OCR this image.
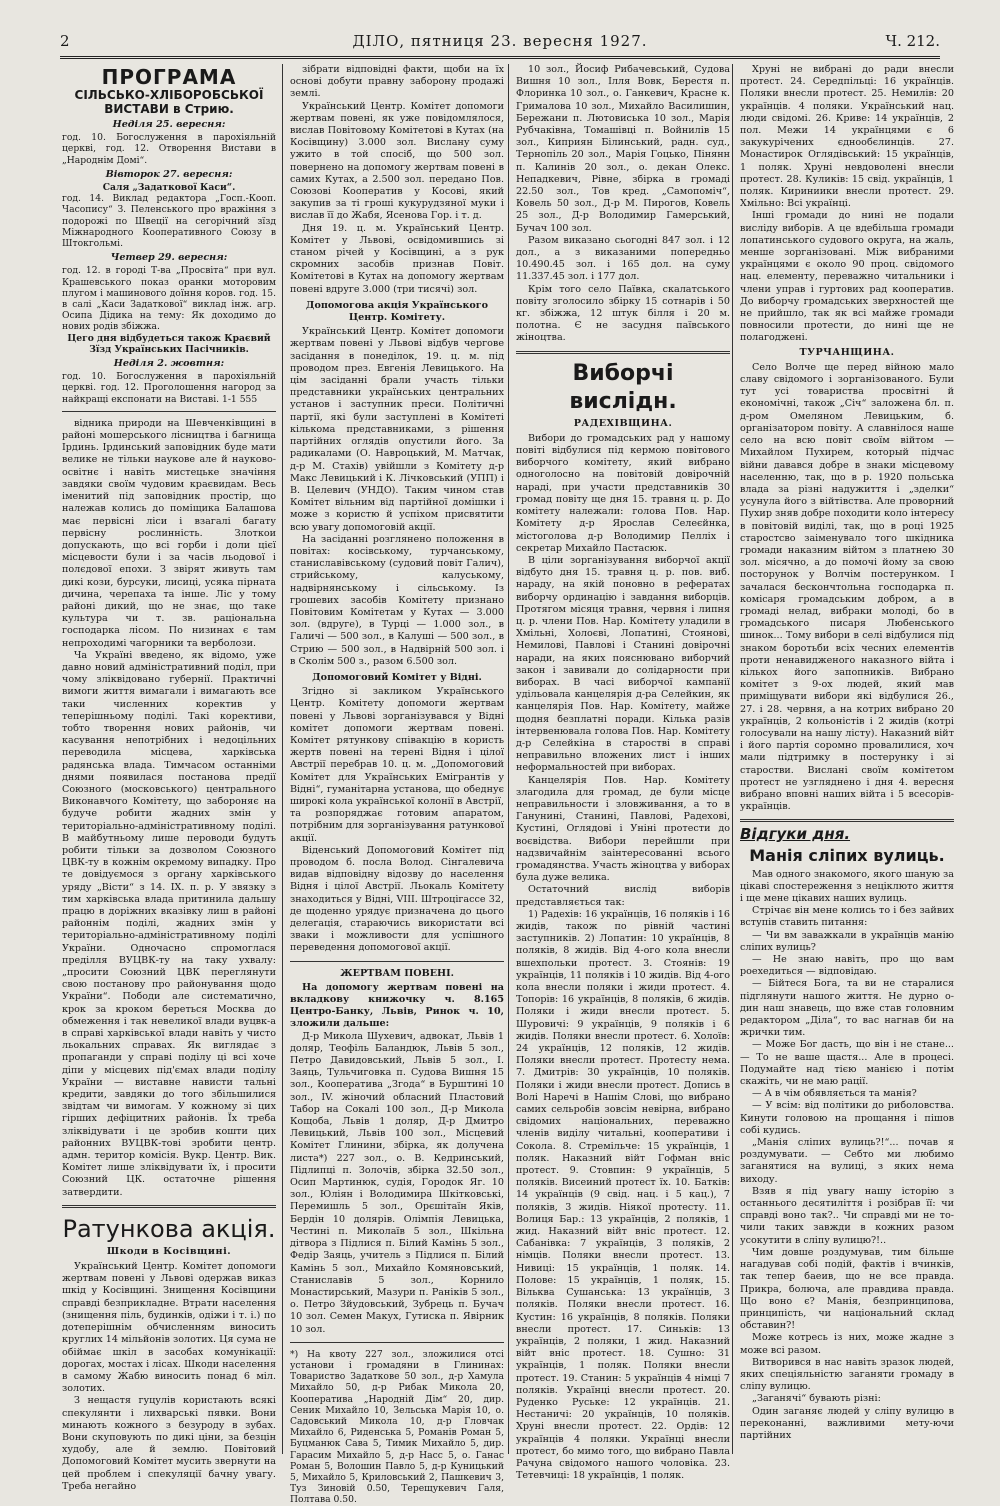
2	ДІЛО, пятниця 23. вересня 1927.	Ч. 212.
ПРОГРАМА
СІЛЬСЬКО-ХЛІБОРОБСЬКОЇ ВИСТАВИ в Стрию.
Неділя 25. вересня:

год. 10. Богослуження в парохіяльній церкві, год. 12. Отворення Вистави в „Народнім Домі“.

Вівторок 27. вересня:

Саля „Задаткової Каси“.

год. 14. Виклад редактора „Госп.-Кооп. Часопису“ З. Пеленського про вражіння з подорожі по Швеції на сегорічний зїзд Міжнародного Кооперативного Союзу в Штокгольмі.

Четвер 29. вересня:

год. 12. в городі Т-ва „Просвіта“ при вул. Крашевського показ оранки моторовим плугом і машинового доїння коров. год. 15. в салі „Каси Задаткової“ виклад інж. агр. Осипа Дідика на тему: Як доходимо до нових родів збіжжа.

Цего дня відбудеться також Краєвий Зїзд Українських Пасічників.

Неділя 2. жовтня:

год. 10. Богослуження в парохіяльній церкві. год. 12. Проголошення нагород за найкращі експонати на Виставі. 1-1 555

відника природи на Шевченківщині в районі мошерського лісництва і багнища Ірдинь. Ірдинський заповідник буде мати велике не тільки наукове але й науково-освітнє і навіть мистецьке значіння завдяки своїм чудовим краєвидам. Весь іменитий під заповідник простір, що належав колись до поміщика Балашова має первісні ліси і взагалі багату первісну рослинність. Злоткои допускають, що всі горби і доли цієї місцевости були і за часів льодової і полєдової епохи. З звірят живуть там дикі кози, бурсуки, лисиці, усяка пірната дичина, черепаха та інше. Ліс у тому районі дикий, що не знає, що таке культура чи т. зв. раціональна господарка лісом. По низинах є там непроходимі чагорники та верболози.

Ча Україні введено, як відомо, уже давно новий адміністративний поділ, при чому зліквідовано губернії. Практичні вимоги життя вимагали і вимагають все таки численних коректив у теперішньому поділі. Такі корективи, тобто творення нових районів, чи касування непотрібних і недоцільних переводила місцева, харківська радянська влада. Тимчасом останніми днями появилася постанова предії Союзного (московського) центрального Виконавчого Комітету, що забороняє на будуче робити жадних змін у територіально-адміністративному поділі. В майбутньому лише пероводи будуть робити тільки за дозволом Союзного ЦВК-ту в кожнім окремому випадку. Про те довідуємося з органу харківського уряду „Вісти“ з 14. IX. п. р. У звязку з тим харківська влада притинила дальшу працю в доріжних вказівку лиш в районі районнім поділі, жадних змін у територіально-адміністративному поділі України. Одночасно спромоглася преділля ВУЦВК-ту на таку ухвалу: „просити Союзний ЦВК переглянути свою постанову про районування щодо України“. Пободи але систематично, крок за кроком береться Москва до обмеження і так невеликої влади вуцвк-а в справі харківської влади навіть у чисто льокальних справах. Як виглядає з пропаганди у справі поділу ці всі хоче діпи у місцевих під'ємах влади поділу України — виставне нависти тальні кредити, завдяки до того збільшилися звідтам чи вимогам. У кожному зі цих гірших дефіцитних районів. Їх треба зліквідувати і це зробив кошти цих районних ВУЦВК-тові зробити центр. адмн. територ комісія. Вукр. Центр. Вик. Комітет лише зліквідувати їх, і просити Союзний ЦК. остаточне рішення затвердити.

Ратункова акція.
Шкоди в Косівщині.

Український Центр. Комітет допомоги жертвам повені у Львові одержав виказ шкід у Косівщині. Знищення Косівщини справді безприкладне. Втрати населення (знищення піль, будинків, одіжи і т. і.) по дотеперішнім обчисленням виносить круглих 14 мільйонів золотих. Ця сума не обіймає шкіл в засобах комунікації: дорогах, мостах і лісах. Шкоди населення в самому Жабю виносить понад 6 міл. золотих.

З нещастя гуцулів користають всякі спекулянти і лихварські пявки. Вони минають кожного з безуроду в зубах. Вони скуповують по дикі ціни, за безцін худобу, але й землю. Повітовий Допомоговий Комітет мусить звернути на цей проблем і спекуляції бачну увагу. Треба негайно

зібрати відповідні факти, щоби на їх основі добути правну заборону продажі землі.

Український Центр. Комітет допомоги жертвам повені, як уже повідомлялося, вислав Повітовому Комітетові в Кутах (на Косівщину) 3.000 зол. Вислану суму ужито в той спосіб, що 500 зол. повернено на допомогу жертвам повені в самих Кутах, а 2.500 зол. передано Пов. Союзові Кооператив у Косові, який закупив за ті гроші кукурудзяної муки і вислав її до Жабя, Ясенова Гор. і т. д.

Дня 19. ц. м. Український Центр. Комітет у Львові, освідомившись зі станом річей у Косівщині, а з рук скромних засобів признав Повіт. Комітетові в Кутах на допомогу жертвам повені вдруге 3.000 (три тисячі) зол.

Допомогова акція Українського Центр. Комітету.

Український Центр. Комітет допомоги жертвам повені у Львові відбув чергове засідання в понеділок, 19. ц. м. під проводом през. Евгенія Левицького. На цім засіданні брали участь тільки представники українських центральних установ і заступник преси. Політичні партії, які були заступлені в Комітеті кількома представниками, з рішення партійних оглядів опустили його. За радикалами (О. Навроцький, М. Матчак, д-р М. Стахів) увійшли з Комітету д-р Макс Левицький і К. Лічковський (УПП) і В. Целевич (УНДО). Таким чином став Комітет вільним від партійної домішки і може з користю й успіхом присвятити всю увагу допомоговій акції.

На засіданні розглянено положення в повітах: косівському, турчанському, станиславівському (судовий повіт Галич), стрийському, калуському, надвірнянському і сільському. Із грошевих засобів Комітету признано Повітовим Комітетам у Кутах — 3.000 зол. (вдруге), в Турці — 1.000 зол., в Галичі — 500 зол., в Калуші — 500 зол., в Стрию — 500 зол., в Надвірній 500 зол. і в Сколім 500 з., разом 6.500 зол.

Допомоговий Комітет у Відні.

Згідно зі закликом Українського Центр. Комітету допомоги жертвам повені у Львові зорганізувався у Відні комітет допомоги жертвам повені. Комітет рятункову співакцію в користь жертв повені на терені Відня і цілої Австрії перебрав 10. ц. м. „Допомоговий Комітет для Українських Емігрантів у Відні“, гуманітарна установа, що обеднує широкі кола української колонії в Австрії, та розпоряджає готовим апаратом, потрібним для зорганізування ратункової акції.

Віденський Допомоговий Комітет під проводом б. посла Волод. Сінгалевича видав відповідну відозву до населення Відня і цілої Австрії. Льокаль Комітету знаходиться у Відні, VIII. Штроцігассе 32, де щоденно урядує призначена до цього делегація, стараючись використати всі зваки і можливости для успішного переведення допомогової акції.

ЖЕРТВАМ ПОВЕНІ.

На допомогу жертвам повені на вкладкову книжочку ч. 8.165 Центро-Банку, Львів, Ринок ч. 10, зложили дальше:

Д-р Микола Шухевич, адвокат, Львів 1 доляр, Теофіль Баландюк, Львів 5 зол., Петро Давидовський, Львів 5 зол., І. Заяць, Тульчиговка п. Судова Вишня 15 зол., Кооператива „Згода“ в Бурштині 10 зол., IV. жіночий обласний Пластовий Табор на Сокалі 100 зол., Д-р Микола Кощоба, Львів 1 доляр, Д-р Дмитро Левицький, Львів 100 зол., Місцевий Комітет Глинини, збірка, як долучена листа*) 227 зол., о. В. Кедринський, Підлипці п. Золочів, збірка 32.50 зол., Осип Мартинюк, судія, Городок Яг. 10 зол., Юліян і Володимира Шкітковські, Перемишль 5 зол., Орєшітаїн Яків, Бердін 10 долярів. Олімпія Левицька, Честині п. Миколаїв 5 зол., Шкільна дітвора з Підлися п. Білий Камінь 5 зол., Федір Заяць, учитель з Підлися п. Білий Камінь 5 зол., Михайло Комяновський, Станиславів 5 зол., Корнило Монастирський, Мазури п. Раніків 5 зол., о. Петро Зйудовський, Зубрець п. Бучач 10 зол. Семен Макух, Гутиска п. Явірник 10 зол.

*) На квоту 227 зол., зложилися отсі установи і громадяни в Глининах: Товариство Задаткове 50 зол., д-р Хамула Михайло 50, д-р Рибак Микола 20, Кооператива „Народній Дім“ 20, дир. Сеник Михайло 10, Зельська Марія 10, о. Садовський Микола 10, д-р Гловчак Михайло 6, Риденська 5, Романів Роман 5, Буцманюк Сава 5, Тимик Михайло 5, дир. Гарасим Михайло 5, д-р Насс 5, о. Ганас Роман 5, Волошин Павло 5, д-р Куницький 5, Михайло 5, Криловський 2, Пашкевич 3, Туз Зиновій 0.50, Терещукевич Галя, Полтава 0.50.

10 зол., Йосиф Рибачевський, Судова Вишня 10 зол., Ілля Вовк, Берестя п. Флоринка 10 зол., о. Ганкевич, Красне к. Грималова 10 зол., Михайло Василишин, Бережани п. Лютовиська 10 зол., Марія Рубчаківна, Томашівці п. Войнилів 15 зол., Киприян Білинський, радн. суд., Тернопіль 20 зол., Марія Гоцько, Пінянн п. Калинів 20 зол., о. декан Олекс. Непадкевич, Рівне, збірка в громаді 22.50 зол., Тов кред. „Самопоміч“, Ковель 50 зол., Д-р М. Пирогов, Ковель 25 зол., Д-р Володимир Гамерський, Бучач 100 зол.

Разом виказано сьогодні 847 зол. і 12 дол., а з виказаними попередньо 10.490.45 зол. і 165 дол. на суму 11.337.45 зол. і 177 дол.

Крім того село Паївка, скалатського повіту зголосило збірку 15 сотнарів і 50 кг. збіжжа, 12 штук білля і 20 м. полотна. Є не засудня паївського жіноцтва.

Виборчі вислідн.
РАДЕХІВЩИНА.

Вибори до громадських рад у нашому повіті відбулися під кермою повітового виборчого комітету, який вибрано одноголосно на повітовій довірочній нараді, при участи представників 30 громад повіту ще дня 15. травня ц. р. До комітету належали: голова Пов. Нар. Комітету д-р Ярослав Селеєйнка, містоголова д-р Володимир Пелліх і секретар Михайло Пастасюк.

В ціли зорганізування виборчої акції відбуто дня 15. травня ц. р. пов. виб. нараду, на якій поновно в рефератах виборчу ординацію і завдання виборців. Протягом місяця травня, червня і липня ц. р. члени Пов. Нар. Комітету уладили в Хмільні, Холоєві, Лопатині, Стоянові, Немилові, Павлові і Станині довірочні наради, на яких пояснювано виборчий закон і завивали до солідарности при виборах. В часі виборчої кампанії удільовала канцелярія д-ра Селейкин, як канцелярія Пов. Нар. Комітету, майже щодня безплатні поради. Кілька разів інтервенювала голова Пов. Нар. Комітету д-р Селейкіна в старостві в справі неправильно вложених лист і інших неформальностей при виборах.

Канцелярія Пов. Нар. Комітету злагодила для громад, де були місце неправильности і зловживання, а то в Ганунині, Станині, Павлові, Радехові, Кустині, Оглядові і Уніні протести до воєвідства. Вибори перейшли при надзвичайнім заінтересованні всього громадянства. Участь жіноцтва у виборах була дуже велика.

Остаточний вислід виборів представляється так:

1) Радехів: 16 українців, 16 поляків і 16 жидів, також по рівній частині заступників. 2) Лопатин: 10 українців, 8 поляків, 8 жидів. Від 4-ого кола внесли вшехпольки протест. 3. Стоянів: 19 українців, 11 поляків і 10 жидів. Від 4-ого кола внесли поляки і жиди протест. 4. Топорів: 16 українців, 8 поляків, 6 жидів. Поляки і жиди внесли протест. 5. Шуровичі: 9 українців, 9 поляків і 6 жидів. Поляки внесли протест. 6. Холоїв: 24 українців, 12 поляків, 12 жидів. Поляки внесли протест. Протесту нема. 7. Дмитрів: 30 українців, 10 поляків. Поляки і жиди внесли протест. Допись в Волі Наречі в Нашім Слові, що вибрано самих сельробів зовсім невірна, вибрано свідомих національних, переважно членів виділу читальні, кооперативи і Сокола. 8. Стремільче: 15 українців, 1 поляк. Наказний війт Гофман вніс протест. 9. Стовпин: 9 українців, 5 поляків. Висеиний протест їх. 10. Батків: 14 українців (9 свід. нац. і 5 кац.), 7 поляків, 3 жидів. Ніякої протесту. 11. Волиця Бар.: 13 українців, 2 поляків, 1 жид. Наказний війт вніс протест. 12. Сабанівка: 7 українців, 3 поляків, 2 німців. Поляки внесли протест. 13. Нивиці: 15 українців, 1 поляк. 14. Полове: 15 українців, 1 поляк, 15. Вільква Сушанська: 13 українців, 3 поляків. Поляки внесли протест. 16. Кустин: 16 українців, 8 поляків. Поляки внесли протест. 17. Синьків: 13 українців, 2 поляки, 1 жид. Наказний війт вніс протест. 18. Сушно: 31 українців, 1 поляк. Поляки внесли протест. 19. Станин: 5 українців 4 німці 7 поляків. Українці внесли протест. 20. Руденко Руське: 12 українців. 21. Нестаничі: 20 українців, 10 поляків. Хруні внесли протест. 22. Ордів: 12 українців 4 поляки. Українці внесли протест, бо мимо того, що вибрано Павла Рачуна свідомого нашого чоловіка. 23. Тетевчиці: 18 українців, 1 поляк.

Хруні не вибрані до ради внесли протест. 24. Середпільці: 16 українців. Поляки внесли протест. 25. Немилів: 20 українців. 4 поляки. Український нац. люди свідомі. 26. Криве: 14 українців, 2 пол. Межи 14 українцями є 6 закукурічених єднообєлинців. 27. Монастирок Оглядівський: 15 українців, 1 поляк. Хруні невдоволені внесли протест. 28. Куликів: 15 свід. українців, 1 поляк. Кириниики внесли протест. 29. Хмільно: Всі українці.

Інші громади до нині не подали висліду виборів. А це вдебільша громади лопатинського судового округа, на жаль, менше зорганізовані. Між вибраними українцями є около 90 проц. свідомого нац. елементу, переважно читальники і члени управ і гуртових рад кооператив. До виборчу громадських зверхностей ще не прийшло, так як всі майже громади повносили протести, до нині ще не полагоджені.

ТУРЧАНЩИНА.

Село Волче ще перед війною мало славу свідомого і зорганізованого. Були тут усі товариства просвітні й економічні, також „Січ“ заложена бл. п. д-ром Омеляном Левицьким, б. організатором повіту. А славнілося наше село на всю повіт своїм війтом — Михайлом Пухирем, который підчас війни давався добре в знаки місцевому населенню, так, що в р. 1920 польська влада за різні надужиття і „зделки“ усунула його з війтівства. Але проворний Пухир зняв добре походити коло інтересу в повітовій виділі, так, що в році 1925 старостсво заіменувало того шкідника громади наказним війтом з платнею 30 зол. місячно, а до помочі йому за свою посторунок у Волчім постерунком. І зачалася бескончтольна господарка п. комісаря громадським добром, а в громаді нелад, вибраки молоді, бо в громадського писаря Любенського шинок... Тому вибори в селі відбулися під знаком боротьби всіх чесних елементів проти ненавидженого наказного війта і кількох його запопників. Вибрано комітет з 9-ох людей, який мав приміщувати вибори які відбулися 26., 27. і 28. червня, а на котрих вибрано 20 українців, 2 кольоністів і 2 жидів (котрі голосували на нашу лісту). Наказний війт і його партія соромно провалилися, хоч мали підтримку в постерунку і зі старостви. Вислані своїм комітетом протест не узгляднено і дня 4. вересня вибрано вповні наших війта і 5 всесорів-українців.

Відгуки дня.
Манія сліпих вулиць.

Мав одного знакомого, якого шаную за цікаві спостереження з неціклюто життя і ще мене цікавих наших вулиць.

Стрічає він мене колись то і без зайвих вступів ставить питання:

— Чи вм заважкали в українців манію сліпих вулиць?

— Не знаю навіть, про що вам роехедиться — відповідаю.

— Бійтеся Бога, та ви не старалися підглянути нашого життя. Не дурно о-дин наш знавець, що вже став головним редактором „Діла“, то вас нагнав би на жрички тим.

— Може Бог дасть, що він і не стане... — То не ваше щастя... Але в процесі. Подумайте над тією манією і потім скажіть, чи не маю рації.

— А в чім обявляється та манія?

— У всім: від політики до риболовства. Кинути головою на прощання і пішов собі кудись.

„Манія сліпих вулиць?!“... почав я роздумувати. — Себто ми любимо заганятися на вулиці, з яких нема виходу.

Взяв я під увагу нашу історію з останнього десятиліття і розібрав її: чи справді воно так?.. Чи справді ми не то- чили таких завжди в кожних разом усокутити в сліпу вулицю?!..

Чим довше роздумував, тим більше нагадував собі подій, фактів і вчинків, так тепер баеив, що не все правда. Прикра, болюча, але правдива правда. Що воно є? Манія, безпринципова, принципість, чи національний склад обставин?!

Може котресь із них, може жадне з може всі разом.

Витворився в нас навіть зразок людей, яких спеціяльністю заганяти громаду в сліпу вулицю.

„Заганячі“ бувають різні:

Один заганяє людей у сліпу вулицю в переконанні, важливими мету-ючи партійних
